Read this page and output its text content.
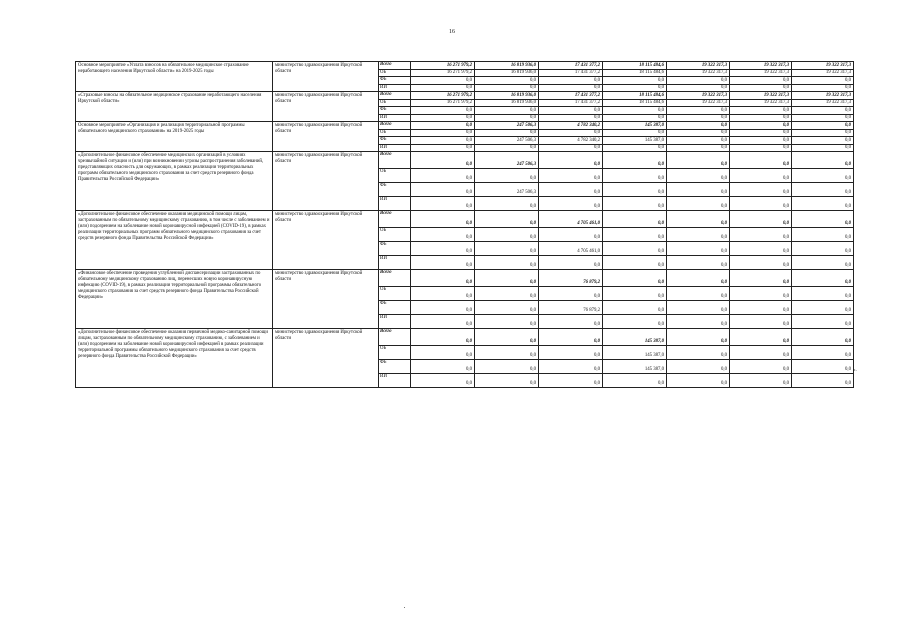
16
Основное мероприятие «Уплата взносов на обязательное медицинское страхование неработающего населения Иркутской области» на 2019-2025 годы	министерство здравоохранения Иркутской области	Всего	16 271 979,2	16 819 936,0	17 431 377,2	18 115 484,6	19 322 317,3	19 322 317,3	19 322 317,3
		ОБ	16 271 979,2	16 819 936,0	17 431 377,2	18 115 484,6	19 322 317,3	19 322 317,3	19 322 317,3
		ФБ	0,0	0,0	0,0	0,0	0,0	0,0	0,0
		ИИ	0,0	0,0	0,0	0,0	0,0	0,0	0,0
«Страховые взносы на обязательное медицинское страхование неработающего населения Иркутской области»	министерство здравоохранения Иркутской области	Всего	16 271 979,2	16 819 936,0	17 431 377,2	18 115 484,6	19 322 317,3	19 322 317,3	19 322 317,3
		ОБ	16 271 979,2	16 819 936,0	17 431 377,2	18 115 484,6	19 322 317,3	19 322 317,3	19 322 317,3
		ФБ	0,0	0,0	0,0	0,0	0,0	0,0	0,0
		ИИ	0,0	0,0	0,0	0,0	0,0	0,0	0,0
Основное мероприятие «Организация и реализация территориальной программы обязательного медицинского страхования» на 2019-2025 годы	министерство здравоохранения Иркутской области	Всего	0,0	247 506,3	4 782 340,2	145 387,0	0,0	0,0	0,0
		ОБ	0,0	0,0	0,0	0,0	0,0	0,0	0,0
		ФБ	0,0	247 506,3	4 782 340,2	145 387,0	0,0	0,0	0,0
		ИИ	0,0	0,0	0,0	0,0	0,0	0,0	0,0
«Дополнительное финансовое обеспечение медицинских организаций в условиях чрезвычайной ситуации и (или) при возникновении угрозы распространения заболеваний, представляющих опасность для окружающих, в рамках реализации территориальных программ обязательного медицинского страхования за счет средств резервного фонда Правительства Российской Федерации»	министерство здравоохранения Иркутской области	Всего	0,0	247 506,3	0,0	0,0	0,0	0,0	0,0
		ОБ	0,0	0,0	0,0	0,0	0,0	0,0	0,0
		ФБ	0,0	247 506,3	0,0	0,0	0,0	0,0	0,0
		ИИ	0,0	0,0	0,0	0,0	0,0	0,0	0,0
«Дополнительное финансовое обеспечение оказания медицинской помощи лицам, застрахованным по обязательному медицинскому страхованию, в том числе с заболеванием и (или) подозрением на заболевание новой коронавирусной инфекцией (COVID-19), в рамках реализации территориальных программ обязательного медицинского страхования за счет средств резервного фонда Правительства Российской Федерации»	министерство здравоохранения Иркутской области	Всего	0,0	0,0	4 705 461,0	0,0	0,0	0,0	0,0
		ОБ	0,0	0,0	0,0	0,0	0,0	0,0	0,0
		ФБ	0,0	0,0	4 705 461,0	0,0	0,0	0,0	0,0
		ИИ	0,0	0,0	0,0	0,0	0,0	0,0	0,0
«Финансовое обеспечение проведения углубленной диспансеризации застрахованных по обязательному медицинскому страхованию лиц, перенесших новую коронавирусную инфекцию (COVID-19), в рамках реализации территориальной программы обязательного медицинского страхования за счет средств резервного фонда Правительства Российской Федерации»	министерство здравоохранения Иркутской области	Всего	0,0	0,0	76 879,2	0,0	0,0	0,0	0,0
		ОБ	0,0	0,0	0,0	0,0	0,0	0,0	0,0
		ФБ	0,0	0,0	76 879,2	0,0	0,0	0,0	0,0
		ИИ	0,0	0,0	0,0	0,0	0,0	0,0	0,0
«Дополнительное финансовое обеспечение оказания первичной медико-санитарной помощи лицам, застрахованным по обязательному медицинскому страхованию, с заболеванием и (или) подозрением на заболевание новой коронавирусной инфекцией в рамках реализации территориальной программы обязательного медицинского страхования за счет средств резервного фонда Правительства Российской Федерации»	министерство здравоохранения Иркутской области	Всего	0,0	0,0	0,0	145 387,0	0,0	0,0	0,0
		ОБ	0,0	0,0	0,0	145 387,0	0,0	0,0	0,0
		ФБ	0,0	0,0	0,0	145 387,0	0,0	0,0	0,0
		ИИ	0,0	0,0	0,0	0,0	0,0	0,0	0,0
».
